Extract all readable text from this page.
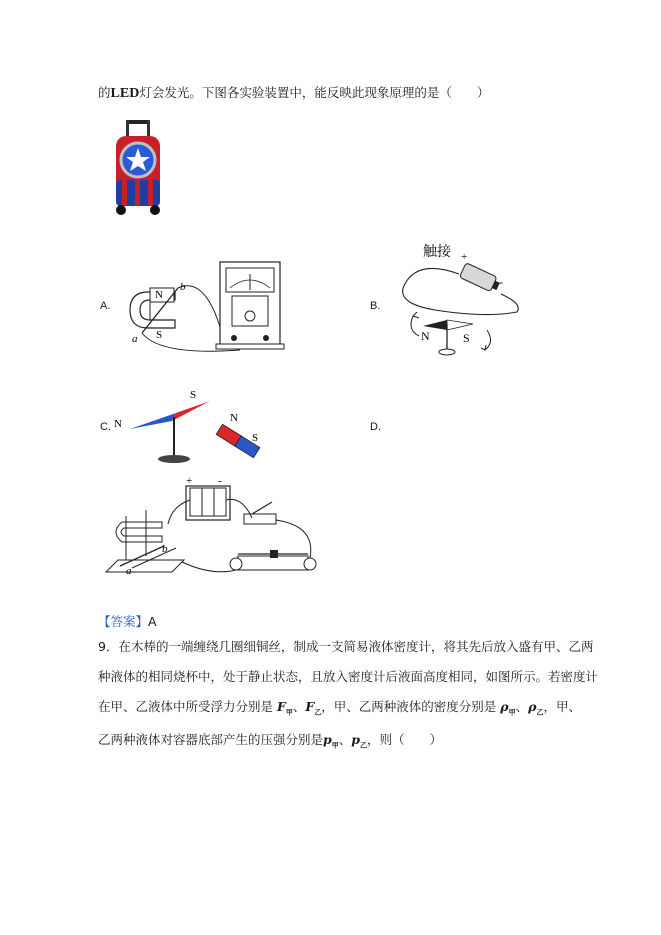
的LED灯会发光。下图各实验装置中，能反映此现象原理的是（　　）
A.	B.
C.	D.
N
S
a
b
触接 +
-
N	S
N
S
N
S
+ -
a
b
【答案】A
9．在木棒的一端缠绕几圈细铜丝，制成一支简易液体密度计，将其先后放入盛有甲、乙两
种液体的相同烧杯中，处于静止状态，且放入密度计后液面高度相同，如图所示。若密度计
在甲、乙液体中所受浮力分别是 $F_甲$、$F_乙$，甲、乙两种液体的密度分别是 $\rho_甲$、$\rho_乙$，甲、
乙两种液体对容器底部产生的压强分别是$p_甲$、$p_乙$，则（　　）
